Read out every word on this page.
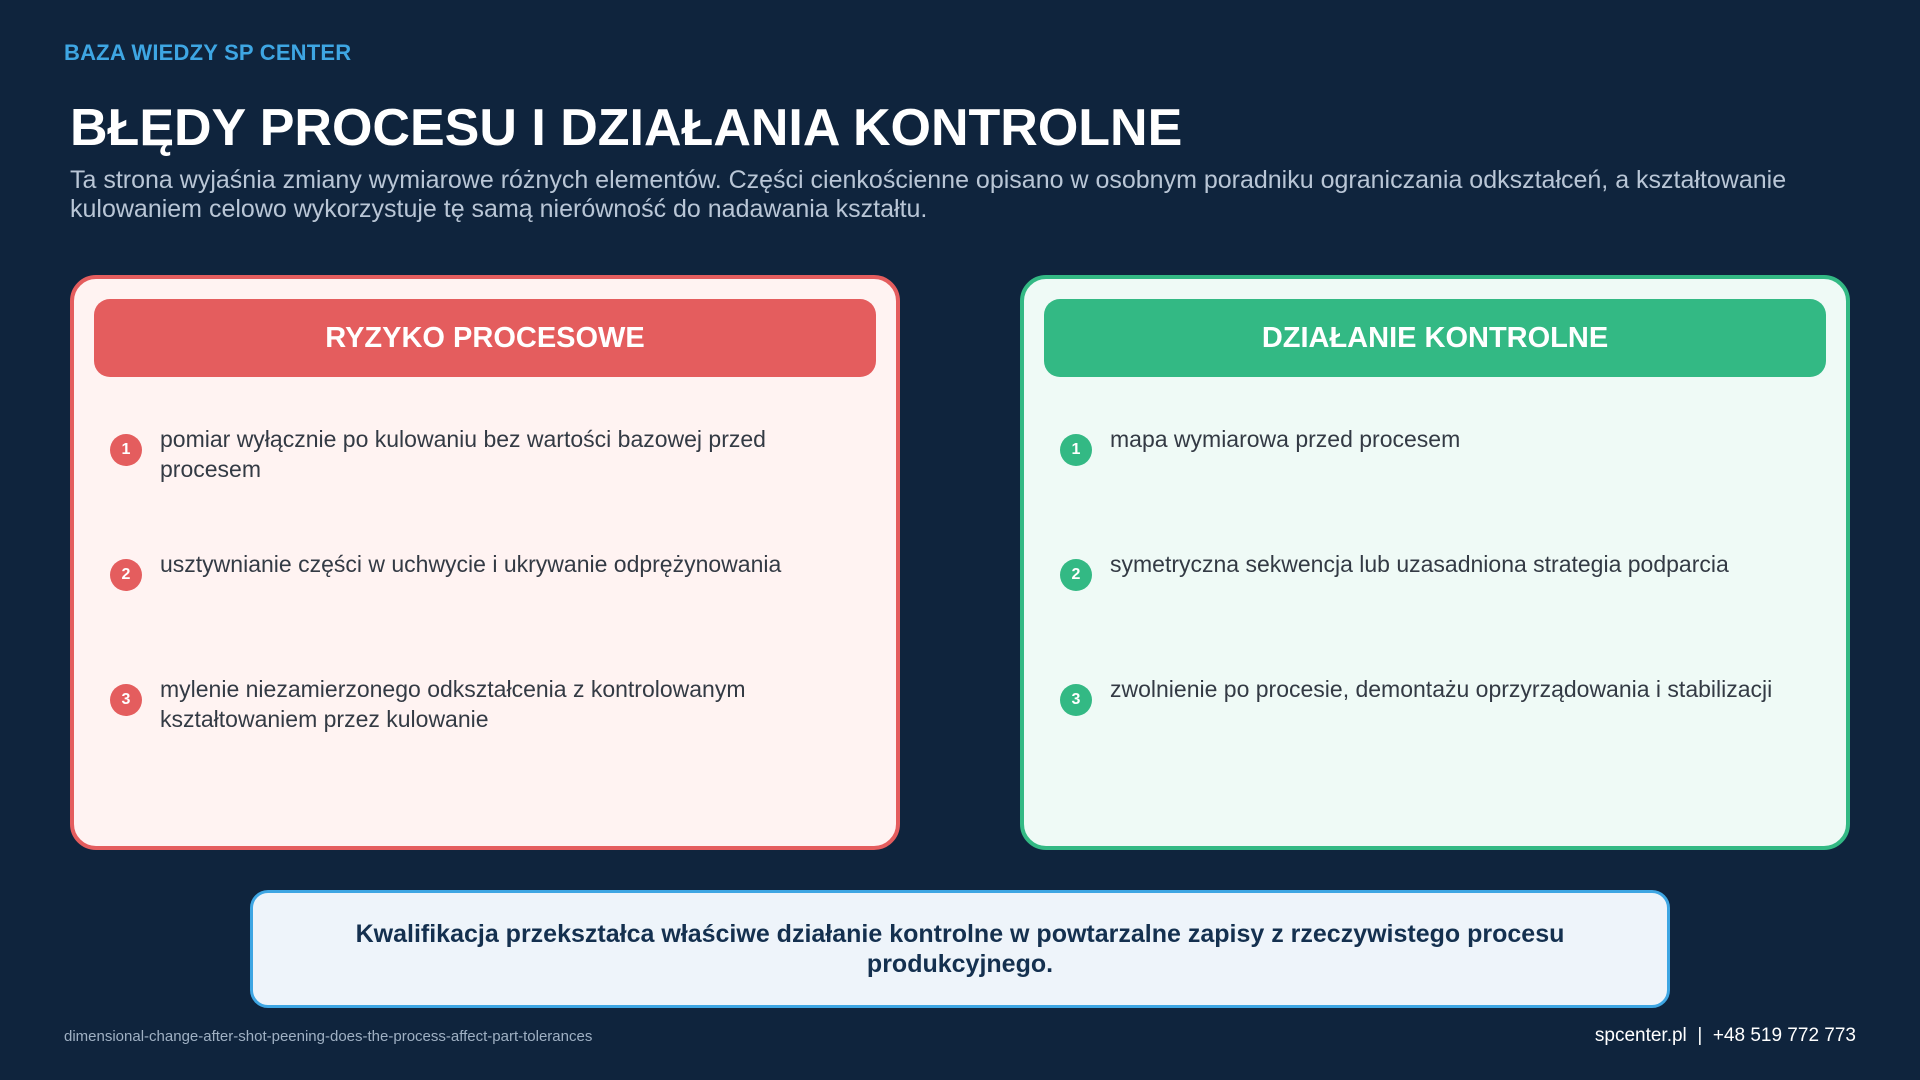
BAZA WIEDZY SP CENTER
BŁĘDY PROCESU I DZIAŁANIA KONTROLNE

Ta strona wyjaśnia zmiany wymiarowe różnych elementów. Części cienkościenne opisano w osobnym poradniku ograniczania odkształceń, a kształtowanie kulowaniem celowo wykorzystuje tę samą nierówność do nadawania kształtu.

RYZYKO PROCESOWE
1	pomiar wyłącznie po kulowaniu bez wartości bazowej przed procesem
2	usztywnianie części w uchwycie i ukrywanie odprężynowania
3	mylenie niezamierzonego odkształcenia z kontrolowanym kształtowaniem przez kulowanie
DZIAŁANIE KONTROLNE
1	mapa wymiarowa przed procesem
2	symetryczna sekwencja lub uzasadniona strategia podparcia
3	zwolnienie po procesie, demontażu oprzyrządowania i stabilizacji
Kwalifikacja przekształca właściwe działanie kontrolne w powtarzalne zapisy z rzeczywistego procesu produkcyjnego.
dimensional-change-after-shot-peening-does-the-process-affect-part-tolerances	spcenter.pl  |  +48 519 772 773
